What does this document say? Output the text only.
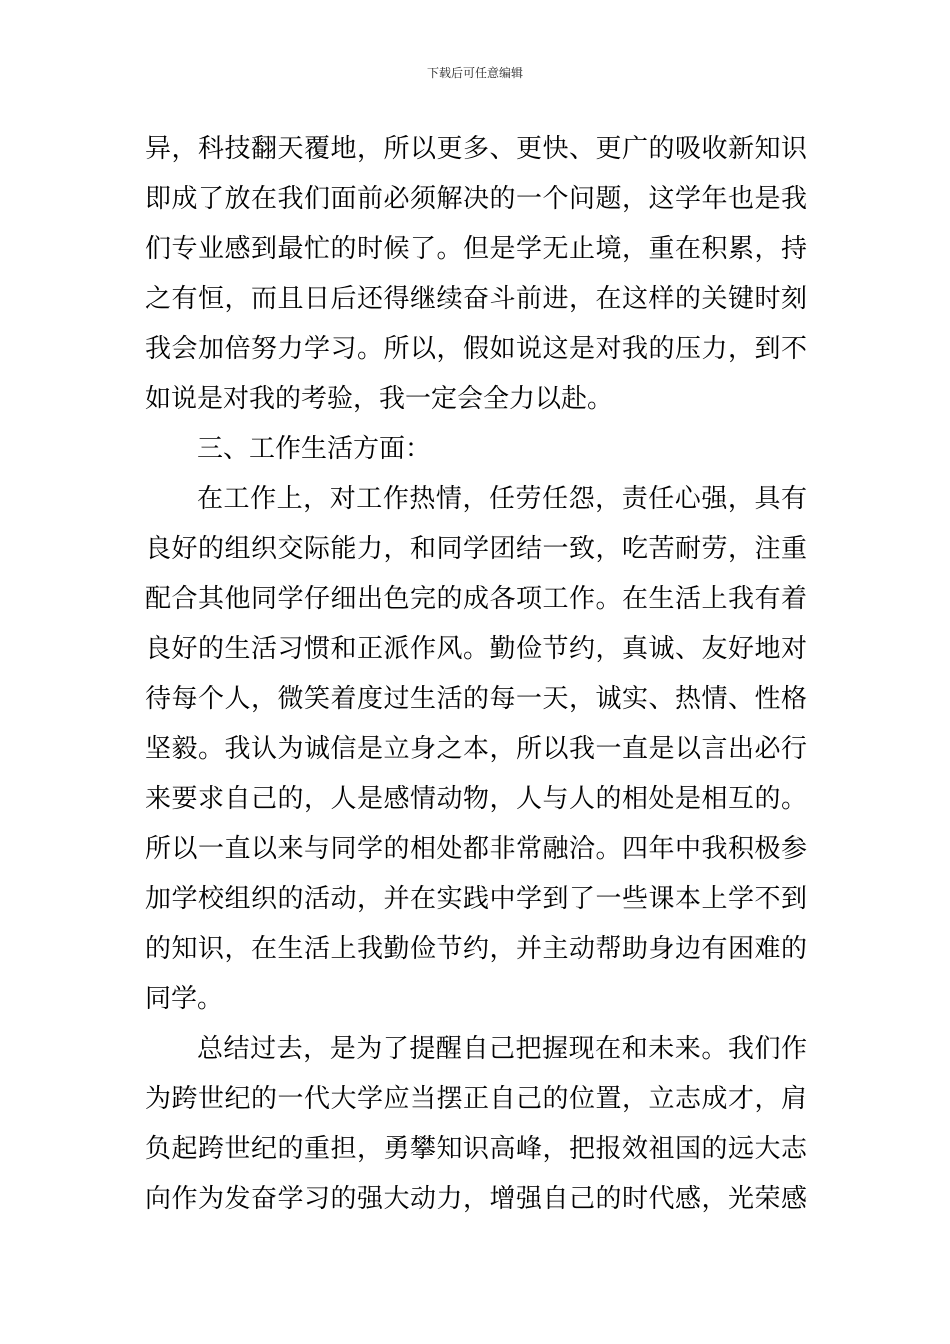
下载后可任意编辑
异，科技翻天覆地，所以更多、更快、更广的吸收新知识
即成了放在我们面前必须解决的一个问题，这学年也是我
们专业感到最忙的时候了。但是学无止境，重在积累，持
之有恒，而且日后还得继续奋斗前进，在这样的关键时刻
我会加倍努力学习。所以，假如说这是对我的压力，到不
如说是对我的考验，我一定会全力以赴。
三、工作生活方面：
在工作上，对工作热情，任劳任怨，责任心强，具有
良好的组织交际能力，和同学团结一致，吃苦耐劳，注重
配合其他同学仔细出色完的成各项工作。在生活上我有着
良好的生活习惯和正派作风。勤俭节约，真诚、友好地对
待每个人，微笑着度过生活的每一天，诚实、热情、性格
坚毅。我认为诚信是立身之本，所以我一直是以言出必行
来要求自己的，人是感情动物，人与人的相处是相互的。
所以一直以来与同学的相处都非常融洽。四年中我积极参
加学校组织的活动，并在实践中学到了一些课本上学不到
的知识，在生活上我勤俭节约，并主动帮助身边有困难的
同学。
总结过去，是为了提醒自己把握现在和未来。我们作
为跨世纪的一代大学应当摆正自己的位置，立志成才，肩
负起跨世纪的重担，勇攀知识高峰，把报效祖国的远大志
向作为发奋学习的强大动力，增强自己的时代感，光荣感
